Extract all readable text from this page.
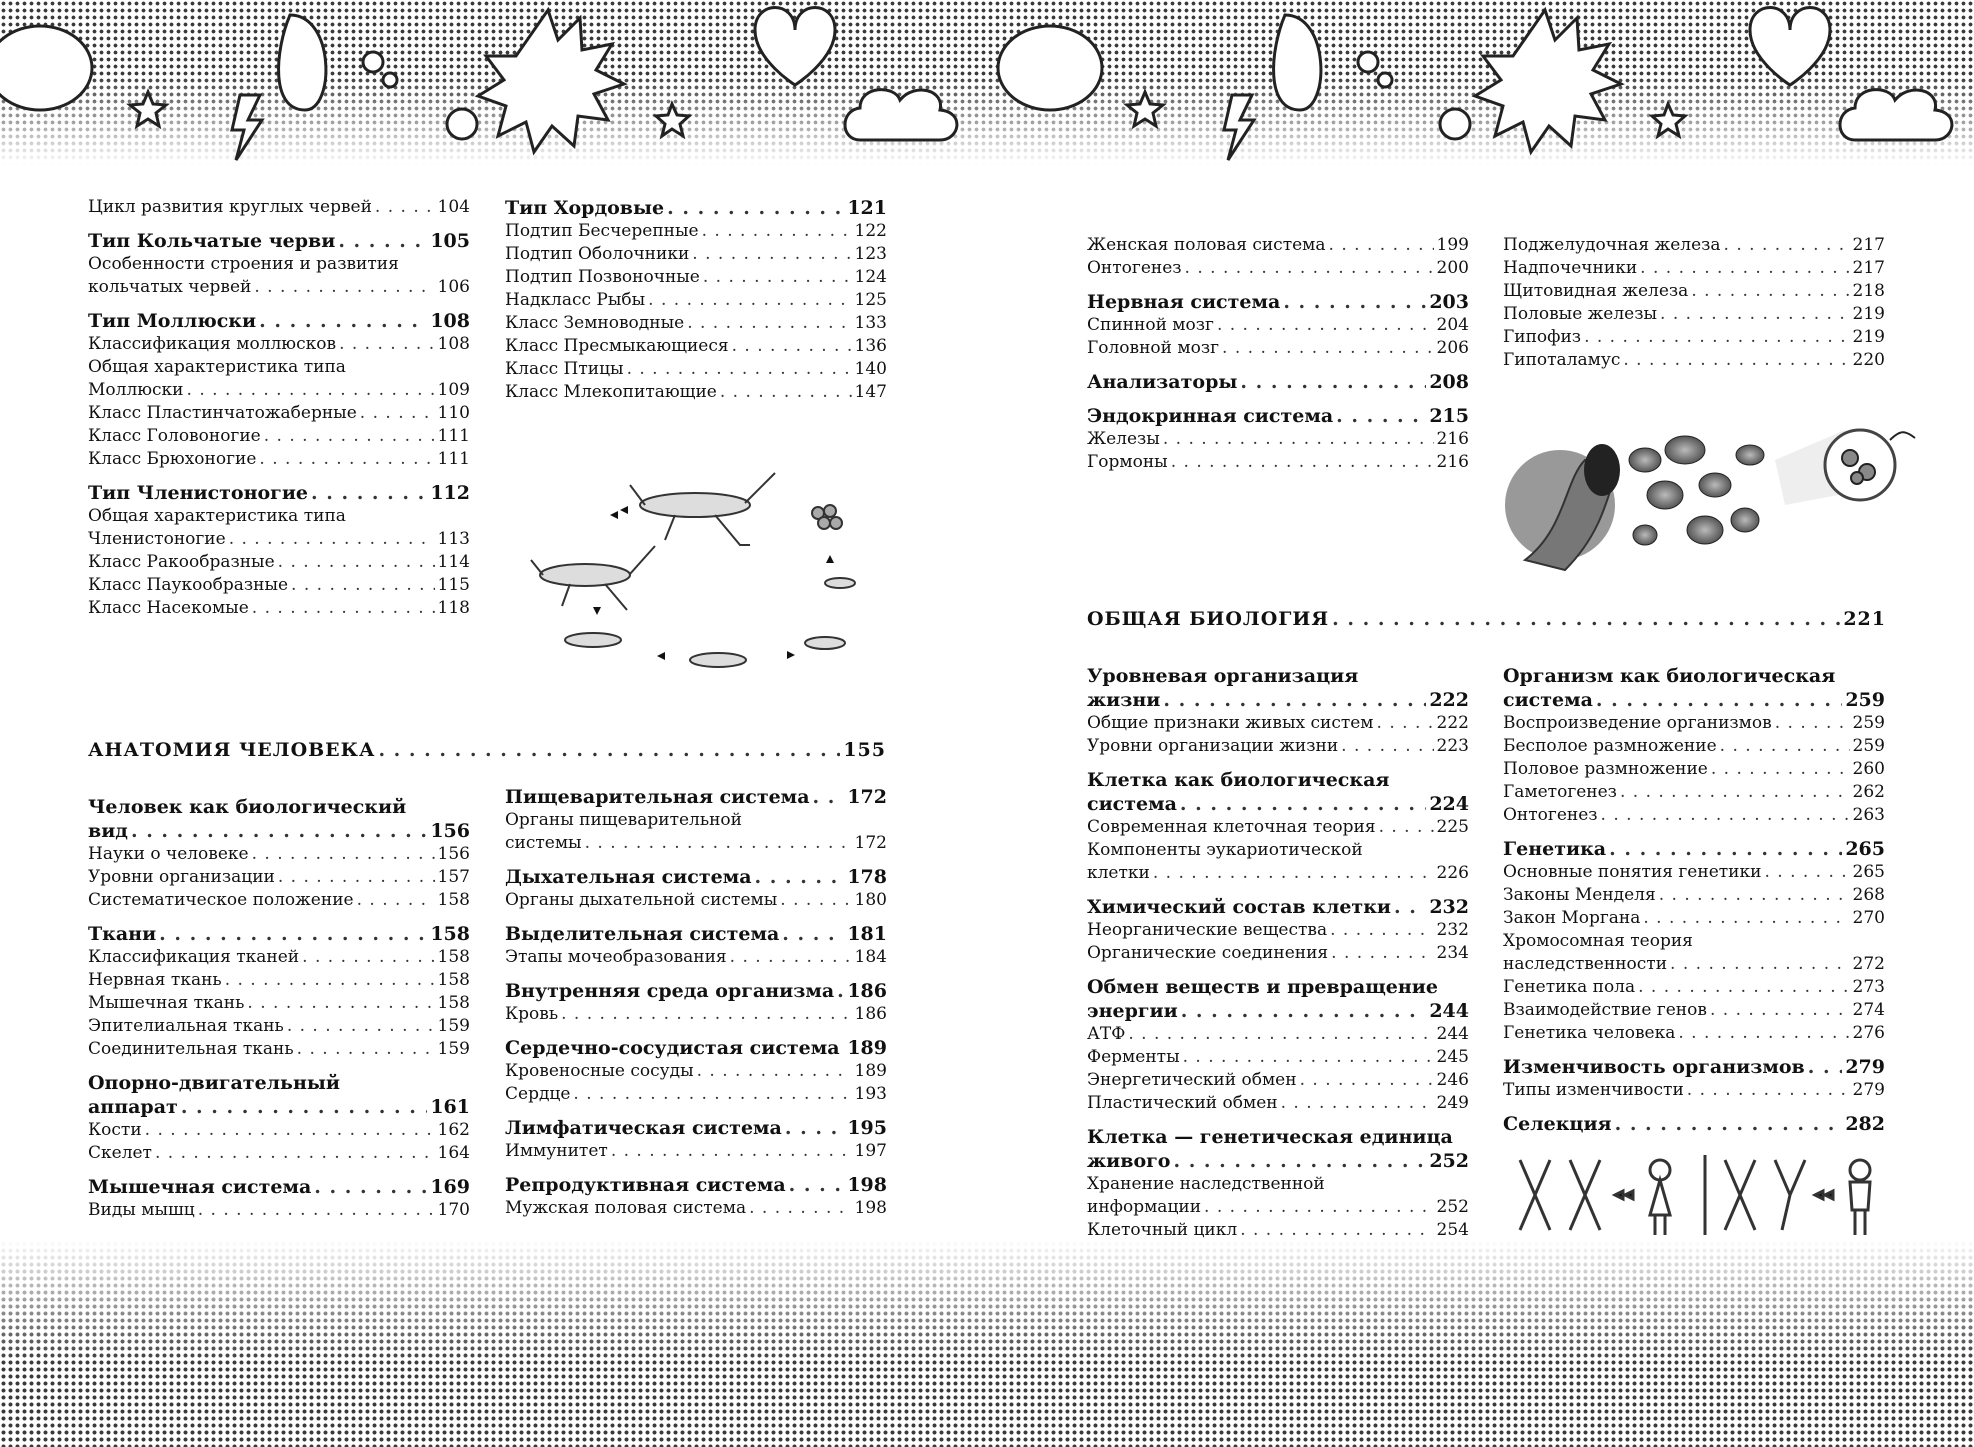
Цикл развития круглых червей . . .	104
Тип Кольчатые черви . . .	105
Особенности строения и развития
кольчатых червей . . .	106
Тип Моллюски . . .	108
Классификация моллюсков . . .	108
Общая характеристика типа
Моллюски . . .	109
Класс Пластинчатожаберные . . .	110
Класс Головоногие . . .	111
Класс Брюхоногие . . .	111
Тип Членистоногие . . .	112
Общая характеристика типа
Членистоногие . . .	113
Класс Ракообразные . . .	114
Класс Паукообразные . . .	115
Класс Насекомые . . .	118
Тип Хордовые . . .	121
Подтип Бесчерепные . . .	122
Подтип Оболочники . . .	123
Подтип Позвоночные . . .	124
Надкласс Рыбы . . .	125
Класс Земноводные . . .	133
Класс Пресмыкающиеся . . .	136
Класс Птицы . . .	140
Класс Млекопитающие . . .	147
АНАТОМИЯ ЧЕЛОВЕКА . . .	155
Человек как биологический
вид . . .	156
Науки о человеке . . .	156
Уровни организации . . .	157
Систематическое положение . . .	158
Ткани . . .	158
Классификация тканей . . .	158
Нервная ткань . . .	158
Мышечная ткань . . .	158
Эпителиальная ткань . . .	159
Соединительная ткань . . .	159
Опорно-двигательный
аппарат . . .	161
Кости . . .	162
Скелет . . .	164
Мышечная система . . .	169
Виды мышц . . .	170
Пищеварительная система . . . 172
Органы пищеварительной
системы . . .	172
Дыхательная система . . .	178
Органы дыхательной системы . . .	180
Выделительная система . . .	181
Этапы мочеобразования . . .	184
Внутренняя среда организма . . . 186
Кровь . . .	186
Сердечно-сосудистая система . . . 189
Кровеносные сосуды . . .	189
Сердце . . .	193
Лимфатическая система . . .	195
Иммунитет . . .	197
Репродуктивная система . . .	198
Мужская половая система . . .	198
Женская половая система . . .	199
Онтогенез . . .	200
Нервная система . . .	203
Спинной мозг . . .	204
Головной мозг . . .	206
Анализаторы . . .	208
Эндокринная система . . .	215
Железы . . .	216
Гормоны . . .	216
Поджелудочная железа . . .	217
Надпочечники . . .	217
Щитовидная железа . . .	218
Половые железы . . .	219
Гипофиз . . .	219
Гипоталамус . . .	220
ОБЩАЯ БИОЛОГИЯ . . .	221
Уровневая организация
жизни . . .	222
Общие признаки живых систем . . .	222
Уровни организации жизни . . .	223
Клетка как биологическая
система . . .	224
Современная клеточная теория . . .	225
Компоненты эукариотической
клетки . . .	226
Химический состав клетки . . . 232
Неорганические вещества . . .	232
Органические соединения . . .	234
Обмен веществ и превращение
энергии . . .	244
АТФ . . .	244
Ферменты . . .	245
Энергетический обмен . . .	246
Пластический обмен . . .	249
Клетка — генетическая единица
живого . . .	252
Хранение наследственной
информации . . .	252
Клеточный цикл . . .	254
Организм как биологическая
система . . .	259
Воспроизведение организмов . . .	259
Бесполое размножение . . .	259
Половое размножение . . .	260
Гаметогенез . . .	262
Онтогенез . . .	263
Генетика . . .	265
Основные понятия генетики . . .	265
Законы Менделя . . .	268
Закон Моргана . . .	270
Хромосомная теория
наследственности . . .	272
Генетика пола . . .	273
Взаимодействие генов . . .	274
Генетика человека . . .	276
Изменчивость организмов . . . 279
Типы изменчивости . . .	279
Селекция . . .	282
